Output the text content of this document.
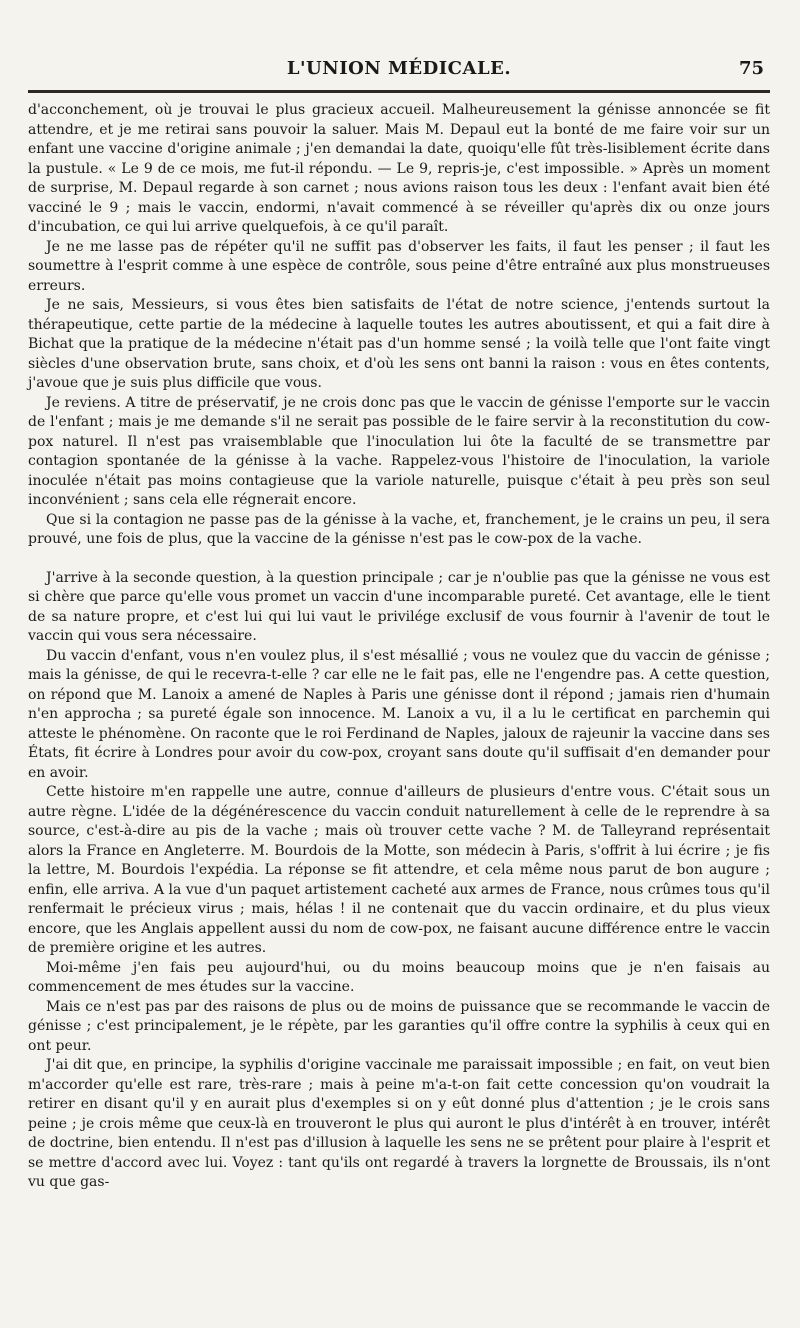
L'UNION MÉDICALE.	75

d'acconchement, où je trouvai le plus gracieux accueil. Malheureusement la génisse annoncée se fit attendre, et je me retirai sans pouvoir la saluer. Mais M. Depaul eut la bonté de me faire voir sur un enfant une vaccine d'origine animale ; j'en demandai la date, quoiqu'elle fût très-lisiblement écrite dans la pustule. « Le 9 de ce mois, me fut-il répondu. — Le 9, repris-je, c'est impossible. » Après un moment de surprise, M. Depaul regarde à son carnet ; nous avions raison tous les deux : l'enfant avait bien été vacciné le 9 ; mais le vaccin, endormi, n'avait commencé à se réveiller qu'après dix ou onze jours d'incubation, ce qui lui arrive quelquefois, à ce qu'il paraît.

Je ne me lasse pas de répéter qu'il ne suffit pas d'observer les faits, il faut les penser ; il faut les soumettre à l'esprit comme à une espèce de contrôle, sous peine d'être entraîné aux plus monstrueuses erreurs.

Je ne sais, Messieurs, si vous êtes bien satisfaits de l'état de notre science, j'entends surtout la thérapeutique, cette partie de la médecine à laquelle toutes les autres aboutissent, et qui a fait dire à Bichat que la pratique de la médecine n'était pas d'un homme sensé ; la voilà telle que l'ont faite vingt siècles d'une observation brute, sans choix, et d'où les sens ont banni la raison : vous en êtes contents, j'avoue que je suis plus difficile que vous.

Je reviens. A titre de préservatif, je ne crois donc pas que le vaccin de génisse l'emporte sur le vaccin de l'enfant ; mais je me demande s'il ne serait pas possible de le faire servir à la reconstitution du cow-pox naturel. Il n'est pas vraisemblable que l'inoculation lui ôte la faculté de se transmettre par contagion spontanée de la génisse à la vache. Rappelez-vous l'histoire de l'inoculation, la variole inoculée n'était pas moins contagieuse que la variole naturelle, puisque c'était à peu près son seul inconvénient ; sans cela elle régnerait encore.

Que si la contagion ne passe pas de la génisse à la vache, et, franchement, je le crains un peu, il sera prouvé, une fois de plus, que la vaccine de la génisse n'est pas le cow-pox de la vache.

J'arrive à la seconde question, à la question principale ; car je n'oublie pas que la génisse ne vous est si chère que parce qu'elle vous promet un vaccin d'une incomparable pureté. Cet avantage, elle le tient de sa nature propre, et c'est lui qui lui vaut le privilége exclusif de vous fournir à l'avenir de tout le vaccin qui vous sera nécessaire.

Du vaccin d'enfant, vous n'en voulez plus, il s'est mésallié ; vous ne voulez que du vaccin de génisse ; mais la génisse, de qui le recevra-t-elle ? car elle ne le fait pas, elle ne l'engendre pas. A cette question, on répond que M. Lanoix a amené de Naples à Paris une génisse dont il répond ; jamais rien d'humain n'en approcha ; sa pureté égale son innocence. M. Lanoix a vu, il a lu le certificat en parchemin qui atteste le phénomène. On raconte que le roi Ferdinand de Naples, jaloux de rajeunir la vaccine dans ses États, fit écrire à Londres pour avoir du cow-pox, croyant sans doute qu'il suffisait d'en demander pour en avoir.

Cette histoire m'en rappelle une autre, connue d'ailleurs de plusieurs d'entre vous. C'était sous un autre règne. L'idée de la dégénérescence du vaccin conduit naturellement à celle de le reprendre à sa source, c'est-à-dire au pis de la vache ; mais où trouver cette vache ? M. de Talleyrand représentait alors la France en Angleterre. M. Bourdois de la Motte, son médecin à Paris, s'offrit à lui écrire ; je fis la lettre, M. Bourdois l'expédia. La réponse se fit attendre, et cela même nous parut de bon augure ; enfin, elle arriva. A la vue d'un paquet artistement cacheté aux armes de France, nous crûmes tous qu'il renfermait le précieux virus ; mais, hélas ! il ne contenait que du vaccin ordinaire, et du plus vieux encore, que les Anglais appellent aussi du nom de cow-pox, ne faisant aucune différence entre le vaccin de première origine et les autres.

Moi-même j'en fais peu aujourd'hui, ou du moins beaucoup moins que je n'en faisais au commencement de mes études sur la vaccine.

Mais ce n'est pas par des raisons de plus ou de moins de puissance que se recommande le vaccin de génisse ; c'est principalement, je le répète, par les garanties qu'il offre contre la syphilis à ceux qui en ont peur.

J'ai dit que, en principe, la syphilis d'origine vaccinale me paraissait impossible ; en fait, on veut bien m'accorder qu'elle est rare, très-rare ; mais à peine m'a-t-on fait cette concession qu'on voudrait la retirer en disant qu'il y en aurait plus d'exemples si on y eût donné plus d'attention ; je le crois sans peine ; je crois même que ceux-là en trouveront le plus qui auront le plus d'intérêt à en trouver, intérêt de doctrine, bien entendu. Il n'est pas d'illusion à laquelle les sens ne se prêtent pour plaire à l'esprit et se mettre d'accord avec lui. Voyez : tant qu'ils ont regardé à travers la lorgnette de Broussais, ils n'ont vu que gas-
